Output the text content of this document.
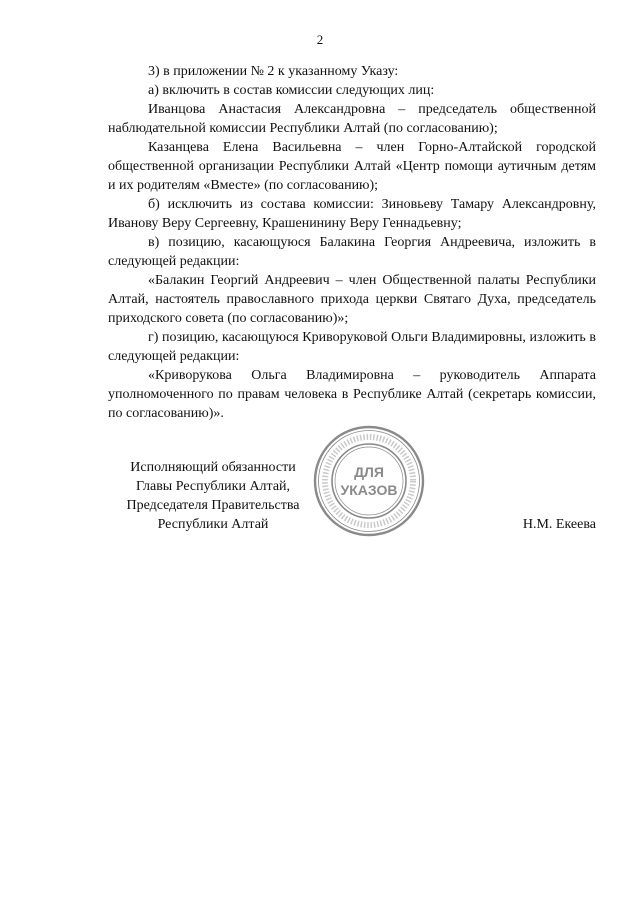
2

3) в приложении № 2 к указанному Указу:

а) включить в состав комиссии следующих лиц:

Иванцова Анастасия Александровна – председатель общественной наблюдательной комиссии Республики Алтай (по согласованию);

Казанцева Елена Васильевна – член Горно-Алтайской городской общественной организации Республики Алтай «Центр помощи аутичным детям и их родителям «Вместе» (по согласованию);

б) исключить из состава комиссии: Зиновьеву Тамару Александровну, Иванову Веру Сергеевну, Крашенинину Веру Геннадьевну;

в) позицию, касающуюся Балакина Георгия Андреевича, изложить в следующей редакции:

«Балакин Георгий Андреевич – член Общественной палаты Республики Алтай, настоятель православного прихода церкви Святаго Духа, председатель приходского совета (по согласованию)»;

г) позицию, касающуюся Криворуковой Ольги Владимировны, изложить в следующей редакции:

«Криворукова Ольга Владимировна – руководитель Аппарата уполномоченного по правам человека в Республике Алтай (секретарь комиссии, по согласованию)».

Исполняющий обязанности
Главы Республики Алтай,
Председателя Правительства
Республики Алтай
ДЛЯ
УКАЗОВ
Н.М. Екеева
